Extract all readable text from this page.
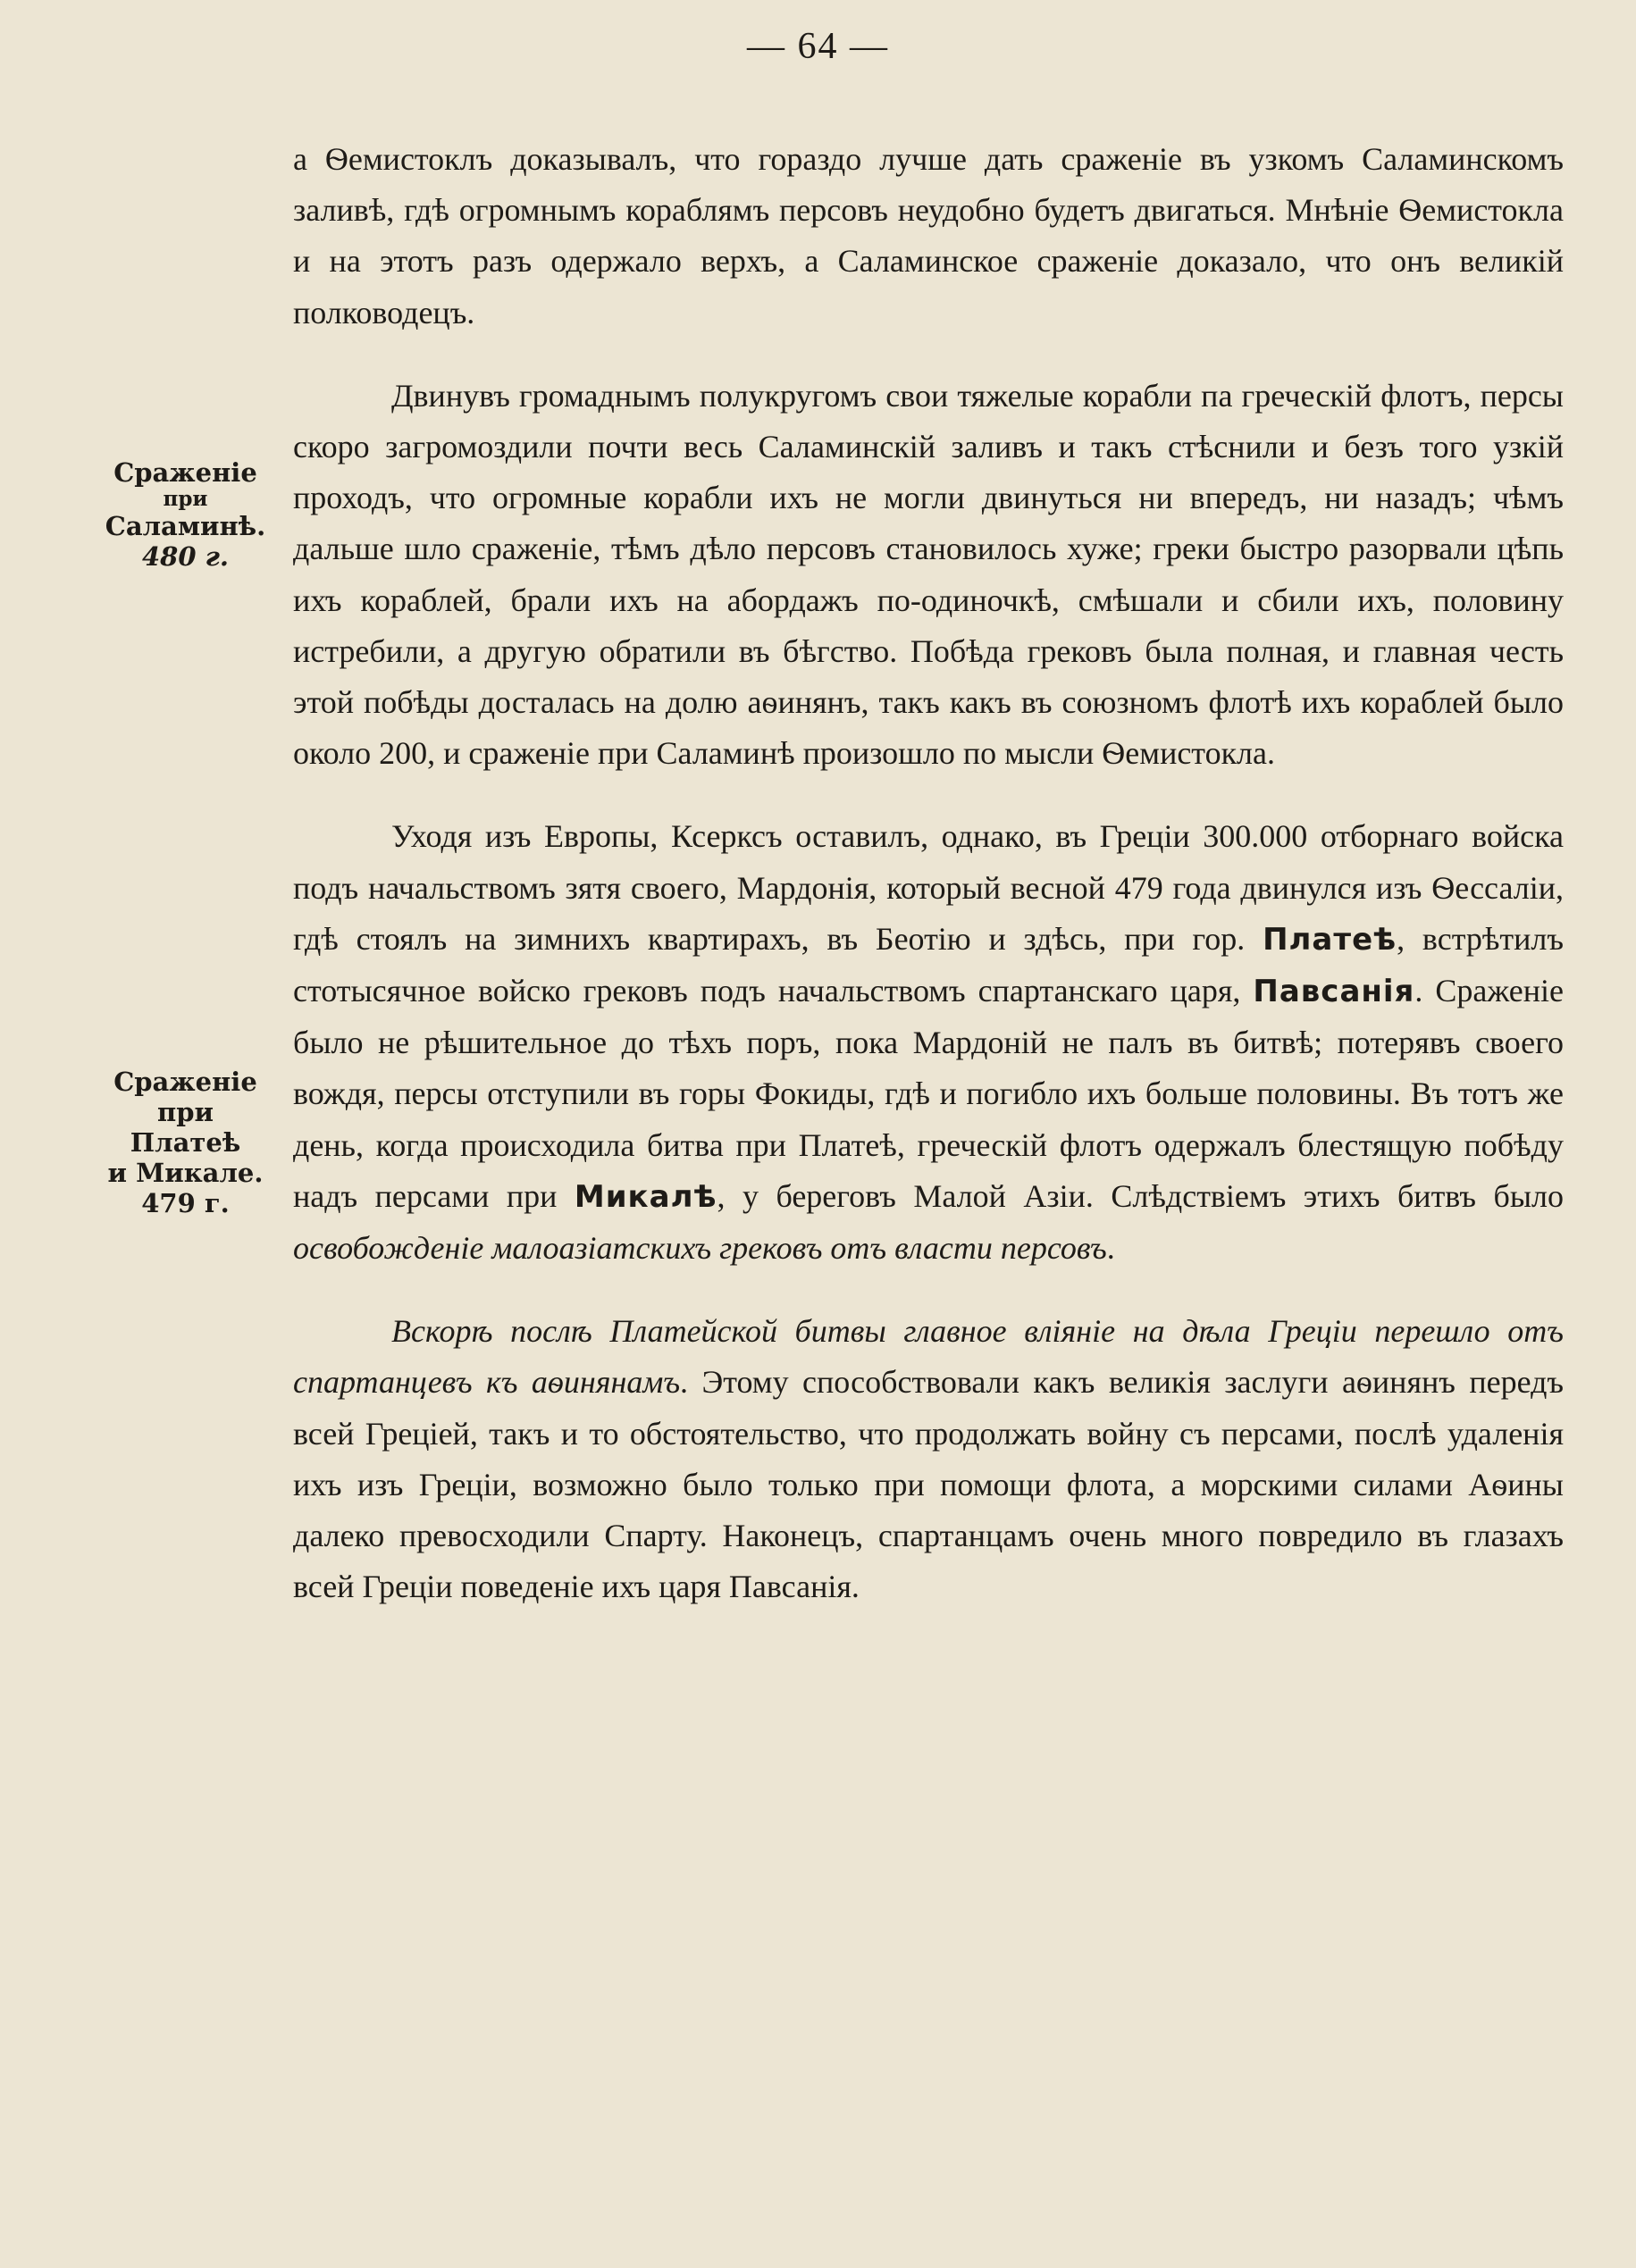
— 64 —
Сраженіе
при
Саламинѣ.
480 г.
Сраженіе
при Платеѣ
и Микале.
479 г.

а Ѳемистоклъ доказывалъ, что гораздо лучше дать сраженіе въ узкомъ Саламинскомъ заливѣ, гдѣ огромнымъ кораблямъ персовъ неудобно будетъ двигаться. Мнѣніе Ѳемистокла и на этотъ разъ одержало верхъ, а Саламинское сраженіе доказало, что онъ великій полководецъ.

Двинувъ громаднымъ полукругомъ свои тяжелые корабли па греческій флотъ, персы скоро загромоздили почти весь Саламинскій заливъ и такъ стѣснили и безъ того узкій проходъ, что огромные корабли ихъ не могли двинуться ни впередъ, ни назадъ; чѣмъ дальше шло сраженіе, тѣмъ дѣло персовъ становилось хуже; греки быстро разорвали цѣпь ихъ кораблей, брали ихъ на абордажъ по-одиночкѣ, смѣшали и сбили ихъ, половину истребили, а другую обратили въ бѣгство. Побѣда грековъ была полная, и главная честь этой побѣды досталась на долю аѳинянъ, такъ какъ въ союзномъ флотѣ ихъ кораблей было около 200, и сраженіе при Саламинѣ произошло по мысли Ѳемистокла.

Уходя изъ Европы, Ксерксъ оставилъ, однако, въ Греціи 300.000 отборнаго войска подъ начальствомъ зятя своего, Мардонія, который весной 479 года двинулся изъ Ѳессаліи, гдѣ стоялъ на зимнихъ квартирахъ, въ Беотію и здѣсь, при гор. Платеѣ, встрѣтилъ стотысячное войско грековъ подъ начальствомъ спартанскаго царя, Павсанія. Сраженіе было не рѣшительное до тѣхъ поръ, пока Мардоній не палъ въ битвѣ; потерявъ своего вождя, персы отступили въ горы Фокиды, гдѣ и погибло ихъ больше половины. Въ тотъ же день, когда происходила битва при Платеѣ, греческій флотъ одержалъ блестящую побѣду надъ персами при Микалѣ, у береговъ Малой Азіи. Слѣдствіемъ этихъ битвъ было освобожденіе малоазіатскихъ грековъ отъ власти персовъ.

Вскорѣ послѣ Платейской битвы главное вліяніе на дѣла Греціи перешло отъ спартанцевъ къ аѳинянамъ. Этому способствовали какъ великія заслуги аѳинянъ передъ всей Греціей, такъ и то обстоятельство, что продолжать войну съ персами, послѣ удаленія ихъ изъ Греціи, возможно было только при помощи флота, а морскими силами Аѳины далеко превосходили Спарту. Наконецъ, спартанцамъ очень много повредило въ глазахъ всей Греціи поведеніе ихъ царя Павсанія.
